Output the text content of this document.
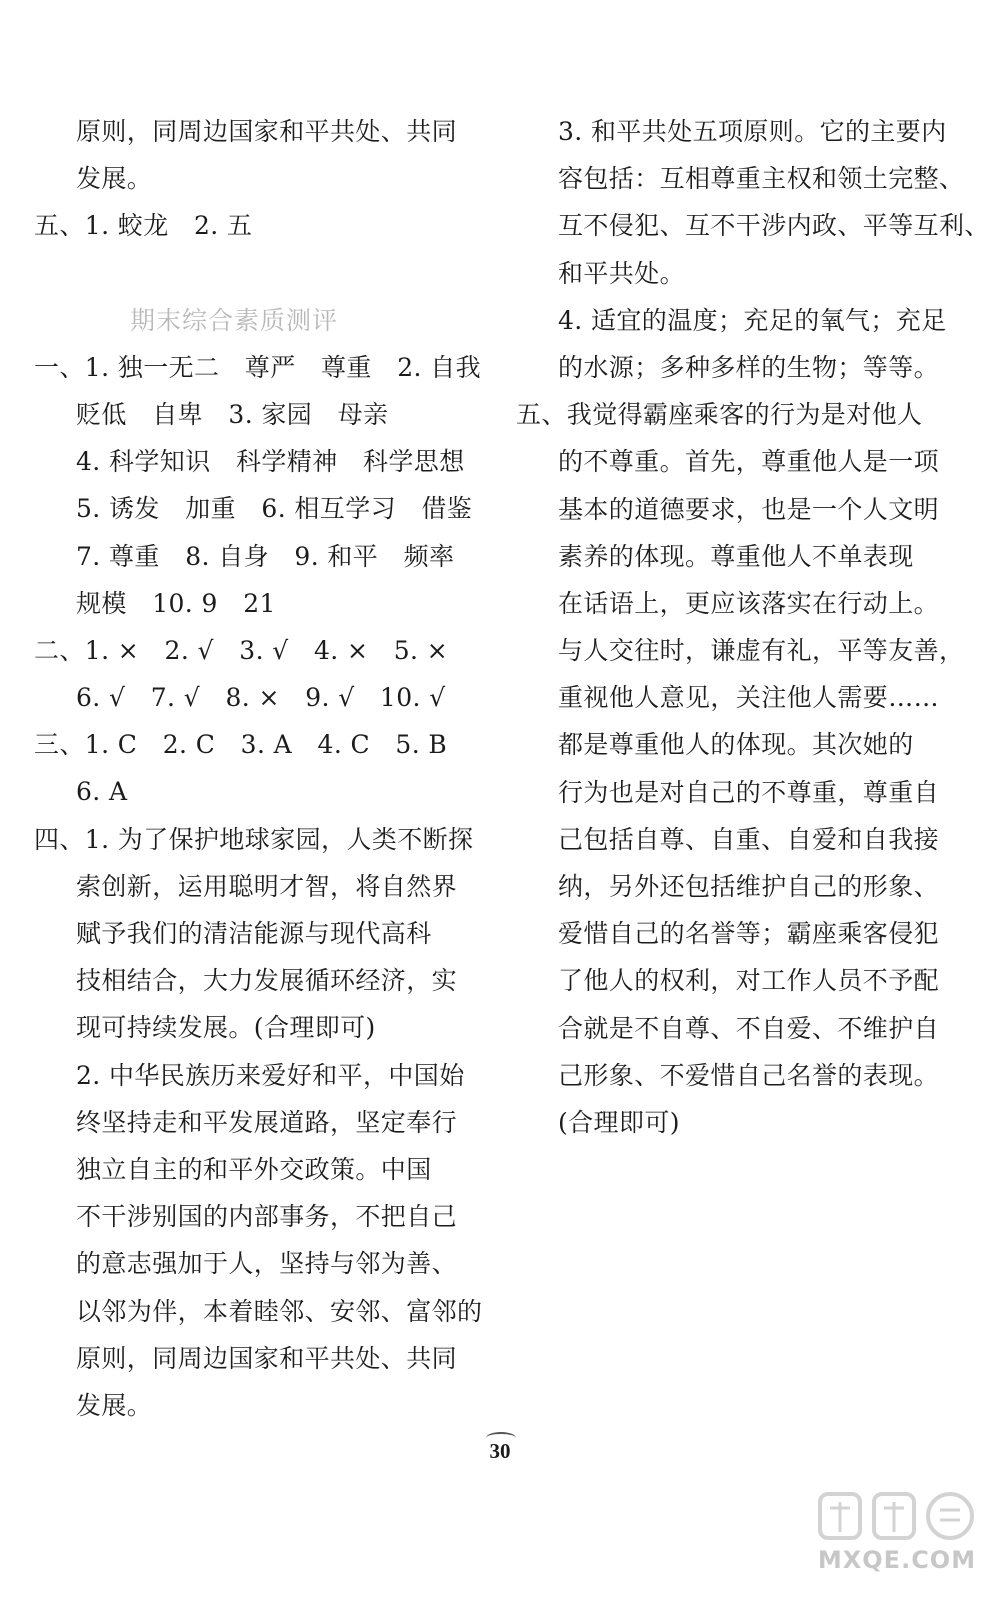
原则，同周边国家和平共处、共同
发展。
五、1. 蛟龙　2. 五
期末综合素质测评
一、1. 独一无二　尊严　尊重　2. 自我
贬低　自卑　3. 家园　母亲
4. 科学知识　科学精神　科学思想
5. 诱发　加重　6. 相互学习　借鉴
7. 尊重　8. 自身　9. 和平　频率
规模　10. 9　21
二、1. ×　2. √　3. √　4. ×　5. ×
6. √　7. √　8. ×　9. √　10. √
三、1. C　2. C　3. A　4. C　5. B
6. A
四、1. 为了保护地球家园，人类不断探
索创新，运用聪明才智，将自然界
赋予我们的清洁能源与现代高科
技相结合，大力发展循环经济，实
现可持续发展。(合理即可)
2. 中华民族历来爱好和平，中国始
终坚持走和平发展道路，坚定奉行
独立自主的和平外交政策。中国
不干涉别国的内部事务，不把自己
的意志强加于人，坚持与邻为善、
以邻为伴，本着睦邻、安邻、富邻的
原则，同周边国家和平共处、共同
发展。
3. 和平共处五项原则。它的主要内
容包括：互相尊重主权和领土完整、
互不侵犯、互不干涉内政、平等互利、
和平共处。
4. 适宜的温度；充足的氧气；充足
的水源；多种多样的生物；等等。
五、我觉得霸座乘客的行为是对他人
的不尊重。首先，尊重他人是一项
基本的道德要求，也是一个人文明
素养的体现。尊重他人不单表现
在话语上，更应该落实在行动上。
与人交往时，谦虚有礼，平等友善，
重视他人意见，关注他人需要……
都是尊重他人的体现。其次她的
行为也是对自己的不尊重，尊重自
己包括自尊、自重、自爱和自我接
纳，另外还包括维护自己的形象、
爱惜自己的名誉等；霸座乘客侵犯
了他人的权利，对工作人员不予配
合就是不自尊、不自爱、不维护自
己形象、不爱惜自己名誉的表现。
(合理即可)
30
MXQE.COM
